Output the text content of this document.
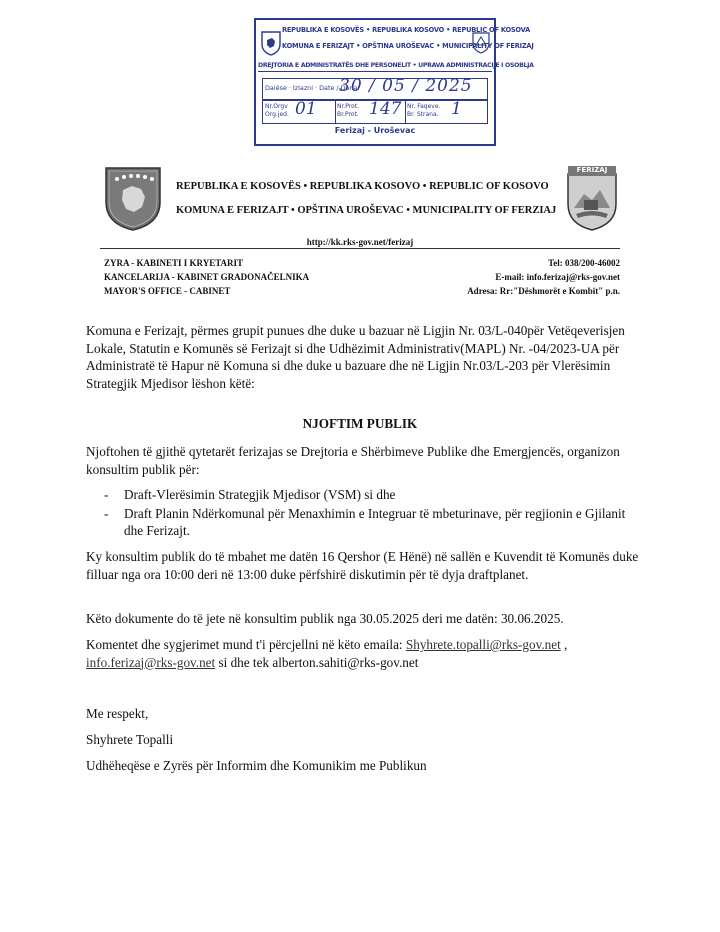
REPUBLIKA E KOSOVËS • REPUBLIKA KOSOVO • REPUBLIC OF KOSOVA
KOMUNA E FERIZAJT • OPŠTINA UROŠEVAC • MUNICIPALITY OF FERIZAJ
DREJTORIA E ADMINISTRATËS DHE PERSONELIT • UPRAVA ADMINISTRACIJE I OSOBLJA
Dalëse · Izlazni · Date / Dana:
30 / 05 / 2025
Nr.Orgv Org.jed. 01	Nr.Prot. Br.Prot. 147 Nr. Faqeve. Br. Strana. 1
Ferizaj - Uroševac
FERIZAJ
REPUBLIKA E KOSOVËS • REPUBLIKA KOSOVO • REPUBLIC OF KOSOVO
KOMUNA E FERIZAJT • OPŠTINA UROŠEVAC • MUNICIPALITY OF FERZIAJ
http://kk.rks-gov.net/ferizaj
ZYRA - KABINETI I KRYETARIT
KANCELARIJA - KABINET GRADONAČELNIKA
MAYOR'S OFFICE - CABINET
Tel: 038/200-46002
E-mail: info.ferizaj@rks-gov.net
Adresa: Rr:"Dëshmorët e Kombit" p.n.
Komuna e Ferizajt, përmes grupit punues dhe duke u bazuar në Ligjin Nr. 03/L-040për Vetëqeverisjen Lokale, Statutin e Komunës së Ferizajt si dhe Udhëzimit Administrativ(MAPL) Nr. -04/2023-UA për Administratë të Hapur në Komuna si dhe duke u bazuare dhe në Ligjin Nr.03/L-203 për Vlerësimin Strategjik Mjedisor lëshon këtë:
NJOFTIM PUBLIK
Njoftohen të gjithë qytetarët ferizajas se Drejtoria e Shërbimeve Publike dhe Emergjencës, organizon konsultim publik për:
- Draft-Vlerësimin Strategjik Mjedisor (VSM) si dhe
- Draft Planin Ndërkomunal për Menaxhimin e Integruar të mbeturinave, për regjionin e Gjilanit dhe Ferizajt.
Ky konsultim publik do të mbahet me datën 16 Qershor (E Hënë) në sallën e Kuvendit të Komunës duke filluar nga ora 10:00 deri në 13:00 duke përfshirë diskutimin për të dyja draftplanet.
Këto dokumente do të jete në konsultim publik nga 30.05.2025 deri me datën: 30.06.2025.
Komentet dhe sygjerimet mund t'i përcjellni në këto emaila: Shyhrete.topalli@rks-gov.net ,
info.ferizaj@rks-gov.net si dhe tek alberton.sahiti@rks-gov.net
Me respekt,
Shyhrete Topalli
Udhëheqëse e Zyrës për Informim dhe Komunikim me Publikun
